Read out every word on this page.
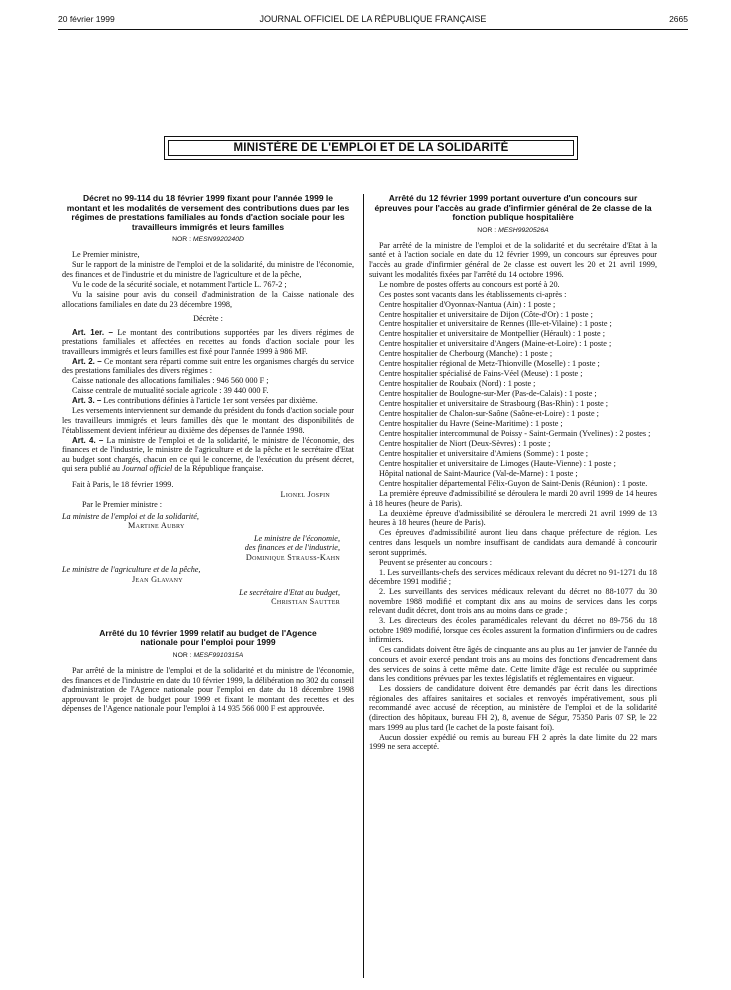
20 février 1999	JOURNAL OFFICIEL DE LA RÉPUBLIQUE FRANÇAISE	2665
MINISTÈRE DE L'EMPLOI ET DE LA SOLIDARITÉ
Décret no 99-114 du 18 février 1999 fixant pour l'année 1999 le montant et les modalités de versement des contributions dues par les régimes de prestations familiales au fonds d'action sociale pour les travailleurs immigrés et leurs familles
NOR : MESN9920240D
Le Premier ministre,
Sur le rapport de la ministre de l'emploi et de la solidarité, du ministre de l'économie, des finances et de l'industrie et du ministre de l'agriculture et de la pêche,
Vu le code de la sécurité sociale, et notamment l'article L. 767-2 ;
Vu la saisine pour avis du conseil d'administration de la Caisse nationale des allocations familiales en date du 23 décembre 1998,
Décrète :
Art. 1er. – Le montant des contributions supportées par les divers régimes de prestations familiales et affectées en recettes au fonds d'action sociale pour les travailleurs immigrés et leurs familles est fixé pour l'année 1999 à 986 MF.
Art. 2. – Ce montant sera réparti comme suit entre les organismes chargés du service des prestations familiales des divers régimes :
Caisse nationale des allocations familiales : 946 560 000 F ;
Caisse centrale de mutualité sociale agricole : 39 440 000 F.
Art. 3. – Les contributions définies à l'article 1er sont versées par dixième.
Les versements interviennent sur demande du président du fonds d'action sociale pour les travailleurs immigrés et leurs familles dès que le montant des disponibilités de l'établissement devient inférieur au dixième des dépenses de l'année 1998.
Art. 4. – La ministre de l'emploi et de la solidarité, le ministre de l'économie, des finances et de l'industrie, le ministre de l'agriculture et de la pêche et le secrétaire d'Etat au budget sont chargés, chacun en ce qui le concerne, de l'exécution du présent décret, qui sera publié au Journal officiel de la République française.
Fait à Paris, le 18 février 1999.
Lionel Jospin
Par le Premier ministre :
La ministre de l'emploi et de la solidarité,
Martine Aubry
Le ministre de l'économie,
des finances et de l'industrie,
Dominique Strauss-Kahn
Le ministre de l'agriculture et de la pêche,
Jean Glavany
Le secrétaire d'Etat au budget,
Christian Sautter
Arrêté du 10 février 1999 relatif au budget de l'Agence nationale pour l'emploi pour 1999
NOR : MESF9910315A
Par arrêté de la ministre de l'emploi et de la solidarité et du ministre de l'économie, des finances et de l'industrie en date du 10 février 1999, la délibération no 302 du conseil d'administration de l'Agence nationale pour l'emploi en date du 18 décembre 1998 approuvant le projet de budget pour 1999 et fixant le montant des recettes et des dépenses de l'Agence nationale pour l'emploi à 14 935 566 000 F est approuvée.
Arrêté du 12 février 1999 portant ouverture d'un concours sur épreuves pour l'accès au grade d'infirmier général de 2e classe de la fonction publique hospitalière
NOR : MESH9920526A
Par arrêté de la ministre de l'emploi et de la solidarité et du secrétaire d'Etat à la santé et à l'action sociale en date du 12 février 1999, un concours sur épreuves pour l'accès au grade d'infirmier général de 2e classe est ouvert les 20 et 21 avril 1999, suivant les modalités fixées par l'arrêté du 14 octobre 1996.
Le nombre de postes offerts au concours est porté à 20.
Ces postes sont vacants dans les établissements ci-après :
Centre hospitalier d'Oyonnax-Nantua (Ain) : 1 poste ;
Centre hospitalier et universitaire de Dijon (Côte-d'Or) : 1 poste ;
Centre hospitalier et universitaire de Rennes (Ille-et-Vilaine) : 1 poste ;
Centre hospitalier et universitaire de Montpellier (Hérault) : 1 poste ;
Centre hospitalier et universitaire d'Angers (Maine-et-Loire) : 1 poste ;
Centre hospitalier de Cherbourg (Manche) : 1 poste ;
Centre hospitalier régional de Metz-Thionville (Moselle) : 1 poste ;
Centre hospitalier spécialisé de Fains-Véel (Meuse) : 1 poste ;
Centre hospitalier de Roubaix (Nord) : 1 poste ;
Centre hospitalier de Boulogne-sur-Mer (Pas-de-Calais) : 1 poste ;
Centre hospitalier et universitaire de Strasbourg (Bas-Rhin) : 1 poste ;
Centre hospitalier de Chalon-sur-Saône (Saône-et-Loire) : 1 poste ;
Centre hospitalier du Havre (Seine-Maritime) : 1 poste ;
Centre hospitalier intercommunal de Poissy - Saint-Germain (Yvelines) : 2 postes ;
Centre hospitalier de Niort (Deux-Sèvres) : 1 poste ;
Centre hospitalier et universitaire d'Amiens (Somme) : 1 poste ;
Centre hospitalier et universitaire de Limoges (Haute-Vienne) : 1 poste ;
Hôpital national de Saint-Maurice (Val-de-Marne) : 1 poste ;
Centre hospitalier départemental Félix-Guyon de Saint-Denis (Réunion) : 1 poste.
La première épreuve d'admissibilité se déroulera le mardi 20 avril 1999 de 14 heures à 18 heures (heure de Paris).
La deuxième épreuve d'admissibilité se déroulera le mercredi 21 avril 1999 de 13 heures à 18 heures (heure de Paris).
Ces épreuves d'admissibilité auront lieu dans chaque préfecture de région. Les centres dans lesquels un nombre insuffisant de candidats aura demandé à concourir seront supprimés.
Peuvent se présenter au concours :
1. Les surveillants-chefs des services médicaux relevant du décret no 91-1271 du 18 décembre 1991 modifié ;
2. Les surveillants des services médicaux relevant du décret no 88-1077 du 30 novembre 1988 modifié et comptant dix ans au moins de services dans les corps relevant dudit décret, dont trois ans au moins dans ce grade ;
3. Les directeurs des écoles paramédicales relevant du décret no 89-756 du 18 octobre 1989 modifié, lorsque ces écoles assurent la formation d'infirmiers ou de cadres infirmiers.
Ces candidats doivent être âgés de cinquante ans au plus au 1er janvier de l'année du concours et avoir exercé pendant trois ans au moins des fonctions d'encadrement dans des services de soins à cette même date. Cette limite d'âge est reculée ou supprimée dans les conditions prévues par les textes législatifs et réglementaires en vigueur.
Les dossiers de candidature doivent être demandés par écrit dans les directions régionales des affaires sanitaires et sociales et renvoyés impérativement, sous pli recommandé avec accusé de réception, au ministère de l'emploi et de la solidarité (direction des hôpitaux, bureau FH 2), 8, avenue de Ségur, 75350 Paris 07 SP, le 22 mars 1999 au plus tard (le cachet de la poste faisant foi).
Aucun dossier expédié ou remis au bureau FH 2 après la date limite du 22 mars 1999 ne sera accepté.
